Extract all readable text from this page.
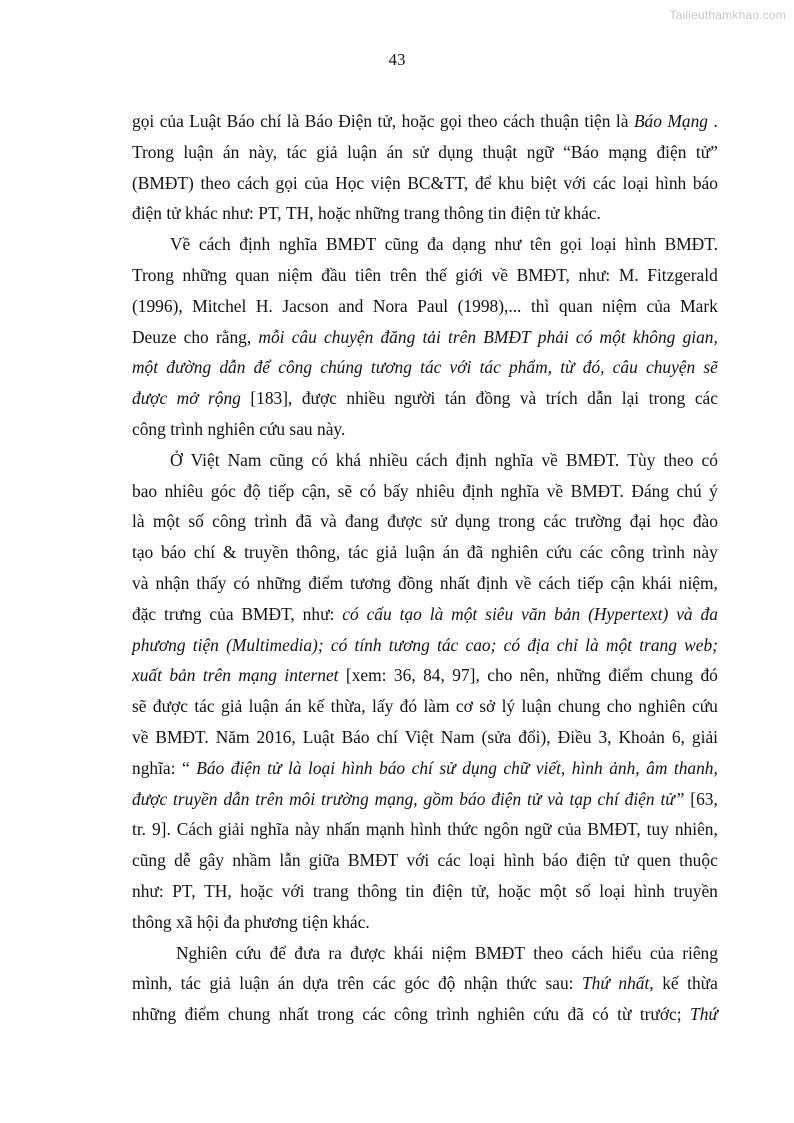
Tailieuthamkhao.com
43
gọi của Luật Báo chí là Báo Điện tử, hoặc gọi theo cách thuận tiện là Báo Mạng .
Trong luận án này, tác giả luận án sử dụng thuật ngữ “Báo mạng điện tử”
(BMĐT) theo cách gọi của Học viện BC&TT, để khu biệt với các loại hình báo
điện tử khác như: PT, TH, hoặc những trang thông tin điện tử khác.
Về cách định nghĩa BMĐT cũng đa dạng như tên gọi loại hình BMĐT.
Trong những quan niệm đầu tiên trên thế giới về BMĐT, như: M. Fitzgerald
(1996), Mitchel H. Jacson and Nora Paul (1998),... thì quan niệm của Mark
Deuze cho rằng, mỗi câu chuyện đăng tải trên BMĐT phải có một không gian,
một đường dẫn để công chúng tương tác với tác phẩm, từ đó, câu chuyện sẽ
được mở rộng [183], được nhiều người tán đồng và trích dẫn lại trong các
công trình nghiên cứu sau này.
Ở Việt Nam cũng có khá nhiều cách định nghĩa về BMĐT. Tùy theo có
bao nhiêu góc độ tiếp cận, sẽ có bấy nhiêu định nghĩa về BMĐT. Đáng chú ý
là một số công trình đã và đang được sử dụng trong các trường đại học đào
tạo báo chí & truyền thông, tác giả luận án đã nghiên cứu các công trình này
và nhận thấy có những điểm tương đồng nhất định về cách tiếp cận khái niệm,
đặc trưng của BMĐT, như: có cấu tạo là một siêu văn bản (Hypertext) và đa
phương tiện (Multimedia); có tính tương tác cao; có địa chỉ là một trang web;
xuất bản trên mạng internet [xem: 36, 84, 97], cho nên, những điểm chung đó
sẽ được tác giả luận án kế thừa, lấy đó làm cơ sở lý luận chung cho nghiên cứu
về BMĐT. Năm 2016, Luật Báo chí Việt Nam (sửa đổi), Điều 3, Khoản 6, giải
nghĩa: “ Báo điện tử là loại hình báo chí sử dụng chữ viết, hình ảnh, âm thanh,
được truyền dẫn trên môi trường mạng, gồm báo điện tử và tạp chí điện tử” [63,
tr. 9]. Cách giải nghĩa này nhấn mạnh hình thức ngôn ngữ của BMĐT, tuy nhiên,
cũng dễ gây nhầm lẫn giữa BMĐT với các loại hình báo điện tử quen thuộc
như: PT, TH, hoặc với trang thông tin điện tử, hoặc một số loại hình truyền
thông xã hội đa phương tiện khác.
Nghiên cứu để đưa ra được khái niệm BMĐT theo cách hiểu của riêng
mình, tác giả luận án dựa trên các góc độ nhận thức sau: Thứ nhất, kế thừa
những điểm chung nhất trong các công trình nghiên cứu đã có từ trước; Thứ
